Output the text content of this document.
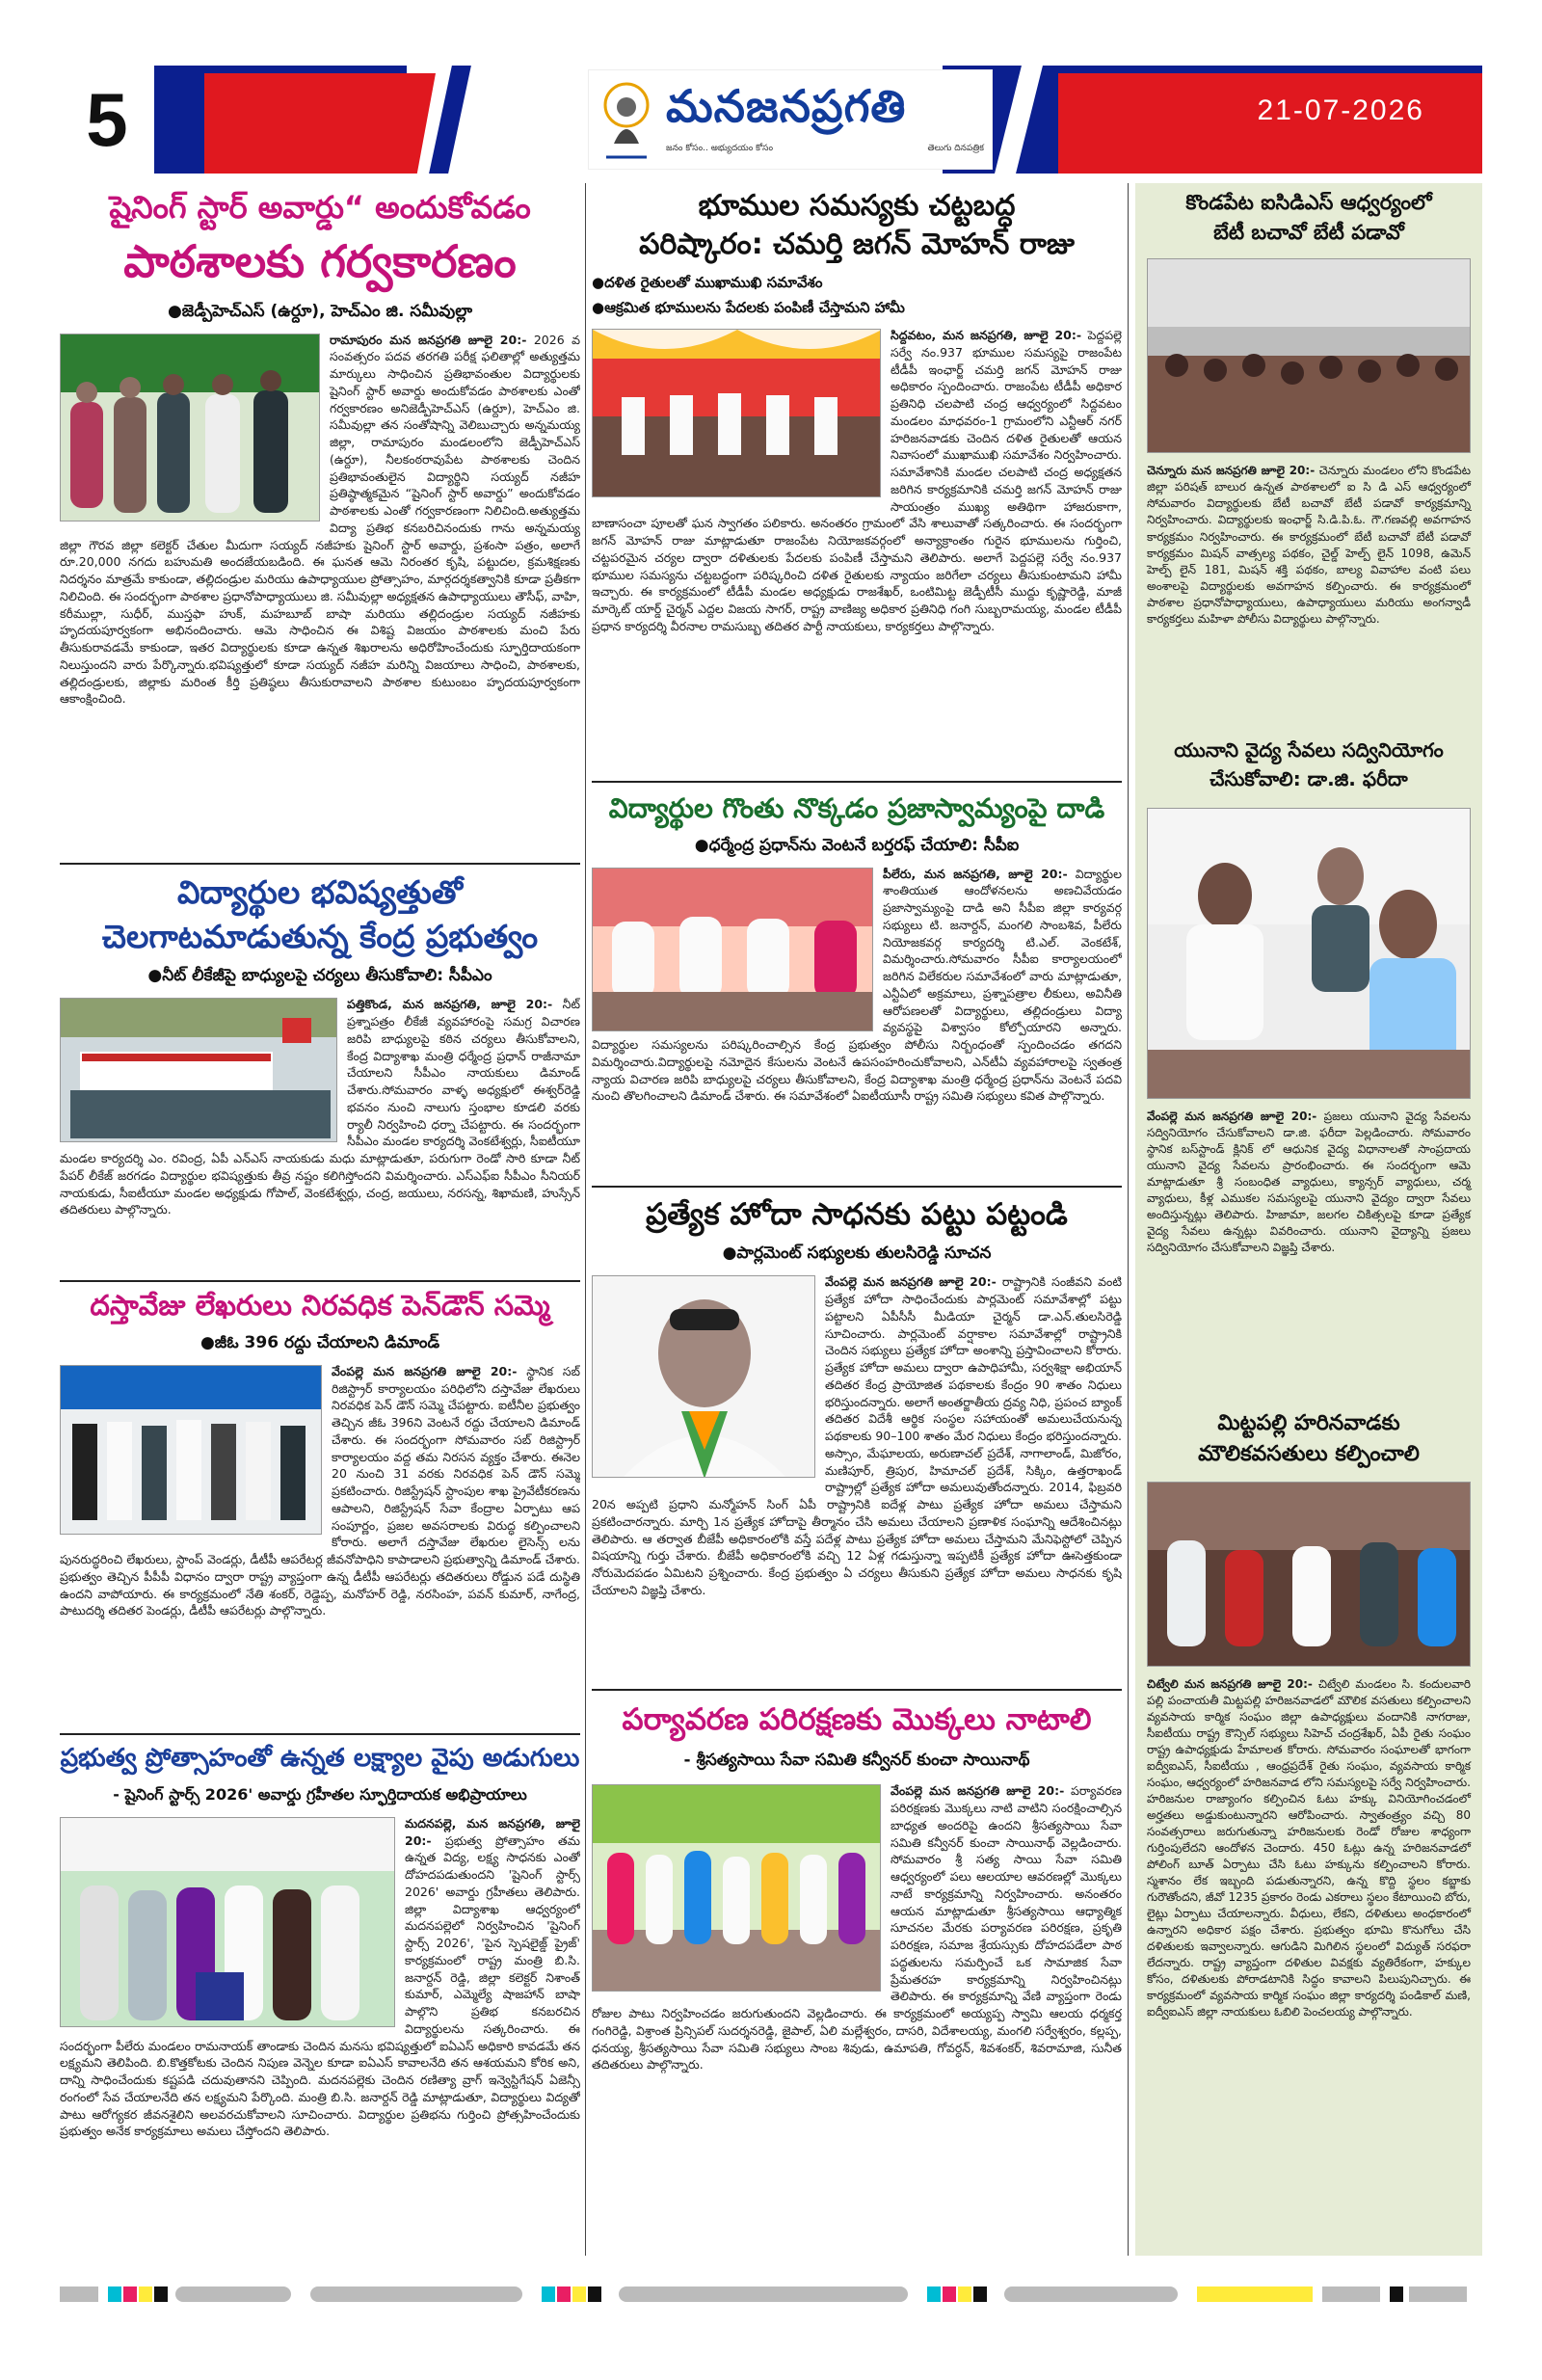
5	మనజనప్రగతి
జనం కోసం.. అభ్యుదయం కోసం	తెలుగు దినపత్రిక
21-07-2026
షైనింగ్ స్టార్ అవార్డు“ అందుకోవడం
పాఠశాలకు గర్వకారణం
●జెడ్పీహెచ్‌ఎస్ (ఉర్దూ), హెచ్‌ఎం జి. సమీవుల్లా
రామాపురం మన జనప్రగతి జూలై 20:- 2026 వ సంవత్సరం పదవ తరగతి పరీక్ష ఫలితాల్లో అత్యుత్తమ మార్కులు సాధించిన ప్రతిభావంతుల విద్యార్థులకు షైనింగ్ స్టార్ అవార్డు అందుకోవడం పాఠశాలకు ఎంతో గర్వకారణం అనిజెడ్పీహెచ్‌ఎస్ (ఉర్దూ), హెచ్‌ఎం జి. సమీవుల్లా తన సంతోషాన్ని వెలిబుచ్చారు అన్నమయ్య జిల్లా, రామాపురం మండలంలోని జెడ్పీహెచ్‌ఎస్ (ఉర్దూ), నీలకంఠరావుపేట పాఠశాలకు చెందిన ప్రతిభావంతులైన విద్యార్థిని సయ్యద్ నజీహ ప్రతిష్ఠాత్మకమైన “షైనింగ్ స్టార్ అవార్డు” అందుకోవడం పాఠశాలకు ఎంతో గర్వకారణంగా నిలిచింది.అత్యుత్తమ విద్యా ప్రతిభ కనబరిచినందుకు గాను అన్నమయ్య జిల్లా గౌరవ జిల్లా కలెక్టర్ చేతుల మీదుగా సయ్యద్ నజీహకు షైనింగ్ స్టార్ అవార్డు, ప్రశంసా పత్రం, అలాగే రూ.20,000 నగదు బహుమతి అందజేయబడింది. ఈ ఘనత ఆమె నిరంతర కృషి, పట్టుదల, క్రమశిక్షణకు నిదర్శనం మాత్రమే కాకుండా, తల్లిదండ్రుల మరియు ఉపాధ్యాయుల ప్రోత్సాహం, మార్గదర్శకత్వానికి కూడా ప్రతీకగా నిలిచింది. ఈ సందర్భంగా పాఠశాల ప్రధానోపాధ్యాయులు జి. సమీవుల్లా అధ్యక్షతన ఉపాధ్యాయులు తౌసీఫ్, వాహి, కరీముల్లా, సుధీర్, ముస్తఫా హుక్, మహబూబ్ బాషా మరియు తల్లిదండ్రుల సయ్యద్ నజీహకు హృదయపూర్వకంగా అభినందించారు. ఆమె సాధించిన ఈ విశిష్ట విజయం పాఠశాలకు మంచి పేరు తీసుకురావడమే కాకుండా, ఇతర విద్యార్థులకు కూడా ఉన్నత శిఖరాలను అధిరోహించేందుకు స్ఫూర్తిదాయకంగా నిలుస్తుందని వారు పేర్కొన్నారు.భవిష్యత్తులో కూడా సయ్యద్ నజీహ మరిన్ని విజయాలు సాధించి, పాఠశాలకు, తల్లిదండ్రులకు, జిల్లాకు మరింత కీర్తి ప్రతిష్ఠలు తీసుకురావాలని పాఠశాల కుటుంబం హృదయపూర్వకంగా ఆకాంక్షించింది.
విద్యార్థుల భవిష్యత్తుతో
చెలగాటమాడుతున్న కేంద్ర ప్రభుత్వం
●నీట్ లీకేజీపై బాధ్యులపై చర్యలు తీసుకోవాలి: సీపీఎం
పత్తికొండ, మన జనప్రగతి, జూలై 20:- నీట్ ప్రశ్నాపత్రం లీకేజీ వ్యవహారంపై సమగ్ర విచారణ జరిపి బాధ్యులపై కఠిన చర్యలు తీసుకోవాలని, కేంద్ర విద్యాశాఖ మంత్రి ధర్మేంద్ర ప్రధాన్ రాజీనామా చేయాలని సీపీఎం నాయకులు డిమాండ్ చేశారు.సోమవారం వాళ్ళ అధ్యక్షులో ఈశ్వర్‌రెడ్డి భవనం నుంచి నాలుగు స్తంభాల కూడలి వరకు ర్యాలీ నిర్వహించి ధర్నా చేపట్టారు. ఈ సందర్భంగా సీపీఎం మండల కార్యదర్శి వెంకటేశ్వర్లు, సీఐటీయూ మండల కార్యదర్శి ఎం. రవింద్ర, ఏపీ ఎన్‌ఎస్ నాయకుడు మధు మాట్లాడుతూ, పరుగుగా రెండో సారి కూడా నీట్ పేపర్ లీకేజ్ జరగడం విద్యార్థుల భవిష్యత్తుకు తీవ్ర నష్టం కలిగిస్తోందని విమర్శించారు. ఎస్‌ఎఫ్‌ఐ సీపీఎం సీనియర్ నాయకుడు, సీఐటీయూ మండల అధ్యక్షుడు గోపాల్, వెంకటేశ్వర్లు, చంద్ర, జయులు, నరసన్న, శిఖామణి, హుస్సేన్ తదితరులు పాల్గొన్నారు.
దస్తావేజు లేఖరులు నిరవధిక పెన్‌డౌన్ సమ్మె
●జీఓ 396 రద్దు చేయాలని డిమాండ్
వేంపల్లె మన జనప్రగతి జూలై 20:- స్థానిక సబ్ రిజిస్ట్రార్ కార్యాలయం పరిధిలోని దస్తావేజు లేఖరులు నిరవధిక పెన్ డౌన్ సమ్మె చేపట్టారు. ఐటీనీల ప్రభుత్వం తెచ్చిన జీఓ 396ని వెంటనే రద్దు చేయాలని డిమాండ్ చేశారు. ఈ సందర్భంగా సోమవారం సబ్ రిజిస్ట్రార్ కార్యాలయం వద్ద తమ నిరసన వ్యక్తం చేశారు. ఈనెల 20 నుంచి 31 వరకు నిరవధిక పెన్ డౌన్ సమ్మె ప్రకటించారు. రిజిస్ట్రేషన్ స్టాంపుల శాఖ ప్రైవేటీకరణను ఆపాలని, రిజిస్ట్రేషన్ సేవా కేంద్రాల ఏర్పాటు ఆప సంపూర్ణం, ప్రజల అవసరాలకు విరుద్ధ కల్పించాలని కోరారు. అలాగే దస్తావేజు లేఖరుల లైసెన్స్ లను పునరుద్ధరించి లేఖరులు, స్టాంప్ వెండర్లు, డీటీపీ ఆపరేటర్ల జీవనోపాధిని కాపాడాలని ప్రభుత్వాన్ని డిమాండ్ చేశారు. ప్రభుత్వం తెచ్చిన పీపీపీ విధానం ద్వారా రాష్ట్ర వ్యాప్తంగా ఉన్న డీటీపీ ఆపరేటర్లు తదితరులు రోడ్డున పడే దుస్థితి ఉందని వాపోయారు. ఈ కార్యక్రమంలో నేతి శంకర్, రెడ్డెప్ప, మనోహర్ రెడ్డి, నరసింహ, పవన్ కుమార్, నాగేంద్ర, పాటుదర్శి తదితర పెండర్లు, డీటీపీ ఆపరేటర్లు పాల్గొన్నారు.
ప్రభుత్వ ప్రోత్సాహంతో ఉన్నత లక్ష్యాల వైపు అడుగులు
- షైనింగ్ స్టార్స్ 2026' అవార్డు గ్రహీతల స్ఫూర్తిదాయక అభిప్రాయాలు
మదనపల్లె, మన జనప్రగతి, జూలై 20:- ప్రభుత్వ ప్రోత్సాహం తమ ఉన్నత విద్య, లక్ష్య సాధనకు ఎంతో దోహదపడుతుందని 'షైనింగ్ స్టార్స్ 2026' అవార్డు గ్రహీతలు తెలిపారు. జిల్లా విద్యాశాఖ ఆధ్వర్యంలో మదనపల్లెలో నిర్వహించిన 'షైనింగ్ స్టార్స్ 2026', 'పైన స్పెషలైజ్డ్ ప్రైజ్' కార్యక్రమంలో రాష్ట్ర మంత్రి బి.సి. జనార్దన్ రెడ్డి, జిల్లా కలెక్టర్ నిశాంత్ కుమార్, ఎమ్మెల్యే షాజహాన్ బాషా పాల్గొని ప్రతిభ కనబరచిన విద్యార్థులను సత్కరించారు. ఈ సందర్భంగా పీలేరు మండలం రామనాయక్ తాండాకు చెందిన మనసు భవిష్యత్తులో ఐఏఎస్ అధికారి కావడమే తన లక్ష్యమని తెలిపింది. బి.కొత్తకోటకు చెందిన నిపుణ వెన్నెల కూడా ఐఏఎస్ కావాలనేది తన ఆశయమని కోరిక అని, దాన్ని సాధించేందుకు కష్టపడి చదువుతానని చెప్పింది. మదనపల్లెకు చెందిన రణిత్యా వ్రాగ్ ఇన్వెస్టిగేషన్ ఏజెన్సీ రంగంలో సేవ చేయాలనేది తన లక్ష్యమని పేర్కొంది. మంత్రి బి.సి. జనార్దన్ రెడ్డి మాట్లాడుతూ, విద్యార్థులు విద్యతో పాటు ఆరోగ్యకర జీవనశైలిని అలవరచుకోవాలని సూచించారు. విద్యార్థుల ప్రతిభను గుర్తించి ప్రోత్సహించేందుకు ప్రభుత్వం అనేక కార్యక్రమాలు అమలు చేస్తోందని తెలిపారు.
భూముల సమస్యకు చట్టబద్ధ
పరిష్కారం: చమర్తి జగన్ మోహన్ రాజు
●దళిత రైతులతో ముఖాముఖి సమావేశం
●ఆక్రమిత భూములను పేదలకు పంపిణీ చేస్తామని హామీ
సిద్దవటం, మన జనప్రగతి, జూలై 20:- పెద్దపల్లె సర్వే నం.937 భూముల సమస్యపై రాజంపేట టీడీపీ ఇంఛార్జ్ చమర్తి జగన్ మోహన్ రాజు అధికారం స్పందించారు. రాజంపేట టీడీపీ అధికార ప్రతినిధి చలపాటి చంద్ర ఆధ్వర్యంలో సిద్దవటం మండలం మాధవరం-1 గ్రామంలోని ఎన్టీఆర్ నగర్ హరిజనవాడకు చెందిన దళిత రైతులతో ఆయన నివాసంలో ముఖాముఖి సమావేశం నిర్వహించారు. సమావేశానికి మండల చలపాటి చంద్ర అధ్యక్షతన జరిగిన కార్యక్రమానికి చమర్తి జగన్ మోహన్ రాజు సాయంత్రం ముఖ్య అతిథిగా హాజరుకాగా, బాణాసంచా పూలతో ఘన స్వాగతం పలికారు. అనంతరం గ్రామంలో వేసి శాలువాతో సత్కరించారు. ఈ సందర్భంగా జగన్ మోహన్ రాజు మాట్లాడుతూ రాజంపేట నియోజకవర్గంలో అన్యాక్రాంతం గురైన భూములను గుర్తించి, చట్టపరమైన చర్యల ద్వారా దళితులకు పేదలకు పంపిణీ చేస్తామని తెలిపారు. అలాగే పెద్దపల్లె సర్వే నం.937 భూముల సమస్యను చట్టబద్ధంగా పరిష్కరించి దళిత రైతులకు న్యాయం జరిగేలా చర్యలు తీసుకుంటామని హామీ ఇచ్చారు. ఈ కార్యక్రమంలో టీడీపీ మండల అధ్యక్షుడు రాజశేఖర్, ఒంటిమిట్ట జెడ్పీటీసీ ముద్దు కృష్ణారెడ్డి, మాజీ మార్కెట్ యార్డ్ చైర్మన్ ఎద్దల విజయ సాగర్, రాష్ట్ర వాణిజ్య అధికార ప్రతినిధి గంగి సుబ్బరామయ్య, మండల టీడీపీ ప్రధాన కార్యదర్శి వీరనాల రామసుబ్బ తదితర పార్టీ నాయకులు, కార్యకర్తలు పాల్గొన్నారు.
విద్యార్థుల గొంతు నొక్కడం ప్రజాస్వామ్యంపై దాడి
●ధర్మేంద్ర ప్రధాన్‌ను వెంటనే బర్తరఫ్ చేయాలి: సీపీఐ
పీలేరు, మన జనప్రగతి, జూలై 20:- విద్యార్థుల శాంతియుత ఆందోళనలను అణచివేయడం ప్రజాస్వామ్యంపై దాడి అని సీపీఐ జిల్లా కార్యవర్గ సభ్యులు టి. జనార్దన్, మంగలి సాంబశివ, పీలేరు నియోజకవర్గ కార్యదర్శి టి.ఎల్. వెంకటేశ్, విమర్శించారు.సోమవారం సీపీఐ కార్యాలయంలో జరిగిన విలేకరుల సమావేశంలో వారు మాట్లాడుతూ, ఎన్టీఏలో అక్రమాలు, ప్రశ్నాపత్రాల లీకులు, అవినీతి ఆరోపణలతో విద్యార్థులు, తల్లిదండ్రులు విద్యా వ్యవస్థపై విశ్వాసం కోల్పోయారని అన్నారు. విద్యార్థుల సమస్యలను పరిష్కరించాల్సిన కేంద్ర ప్రభుత్వం పోలీసు నిర్బంధంతో స్పందించడం తగదని విమర్శించారు.విద్యార్థులపై నమోదైన కేసులను వెంటనే ఉపసంహరించుకోవాలని, ఎన్‌టీఏ వ్యవహారాలపై స్వతంత్ర న్యాయ విచారణ జరిపి బాధ్యులపై చర్యలు తీసుకోవాలని, కేంద్ర విద్యాశాఖ మంత్రి ధర్మేంద్ర ప్రధాన్‌ను వెంటనే పదవి నుంచి తొలగించాలని డిమాండ్ చేశారు. ఈ సమావేశంలో ఏఐటీయూసీ రాష్ట్ర సమితి సభ్యులు కవిత పాల్గొన్నారు.
ప్రత్యేక హోదా సాధనకు పట్టు పట్టండి
●పార్లమెంట్ సభ్యులకు తులసిరెడ్డి సూచన
వేంపల్లె మన జనప్రగతి జూలై 20:- రాష్ట్రానికి సంజీవని వంటి ప్రత్యేక హోదా సాధించేందుకు పార్లమెంట్ సమావేశాల్లో పట్టు పట్టాలని ఏపీసీసీ మీడియా చైర్మన్ డా.ఎన్.తులసిరెడ్డి సూచించారు. పార్లమెంట్ వర్షాకాల సమావేశాల్లో రాష్ట్రానికి చెందిన సభ్యులు ప్రత్యేక హోదా అంశాన్ని ప్రస్తావించాలని కోరారు. ప్రత్యేక హోదా అమలు ద్వారా ఉపాధిహామీ, సర్వశిక్షా అభియాన్ తదితర కేంద్ర ప్రాయోజిత పథకాలకు కేంద్రం 90 శాతం నిధులు భరిస్తుందన్నారు. అలాగే అంతర్జాతీయ ద్రవ్య నిధి, ప్రపంచ బ్యాంక్ తదితర విదేశీ ఆర్థిక సంస్థల సహాయంతో అమలుచేయనున్న పథకాలకు 90–100 శాతం మేర నిధులు కేంద్రం భరిస్తుందన్నారు. అస్సాం, మేఘాలయ, అరుణాచల్ ప్రదేశ్, నాగాలాండ్, మిజోరం, మణిపూర్, త్రిపుర, హిమాచల్ ప్రదేశ్, సిక్కిం, ఉత్తరాఖండ్ రాష్ట్రాల్లో ప్రత్యేక హోదా అమలువుతోందన్నారు. 2014, ఫిబ్రవరి 20న అప్పటి ప్రధాని మన్మోహన్ సింగ్ ఏపీ రాష్ట్రానికి ఐదేళ్ల పాటు ప్రత్యేక హోదా అమలు చేస్తామని ప్రకటించారన్నారు. మార్చి 1న ప్రత్యేక హోదాపై తీర్మానం చేసి అమలు చేయాలని ప్రణాళిక సంఘాన్ని ఆదేశించినట్లు తెలిపారు. ఆ తర్వాత బీజేపీ అధికారంలోకి వస్తే పదేళ్ల పాటు ప్రత్యేక హోదా అమలు చేస్తామని మేనిఫెస్టోలో చెప్పిన విషయాన్ని గుర్తు చేశారు. బీజేపీ అధికారంలోకి వచ్చి 12 ఏళ్ల గడుస్తున్నా ఇప్పటికీ ప్రత్యేక హోదా ఊసెత్తకుండా నోరుమెదపడం ఏమిటని ప్రశ్నించారు. కేంద్ర ప్రభుత్వం ఏ చర్యలు తీసుకుని ప్రత్యేక హోదా అమలు సాధనకు కృషి చేయాలని విజ్ఞప్తి చేశారు.
పర్యావరణ పరిరక్షణకు మొక్కలు నాటాలి
- శ్రీసత్యసాయి సేవా సమితి కన్వీనర్ కుంచా సాయినాథ్
వేంపల్లె మన జనప్రగతి జూలై 20:- పర్యావరణ పరిరక్షణకు మొక్కలు నాటి వాటిని సంరక్షించాల్సిన బాధ్యత అందరిపై ఉందని శ్రీసత్యసాయి సేవా సమితి కన్వీనర్ కుంచా సాయినాథ్ వెల్లడించారు. సోమవారం శ్రీ సత్య సాయి సేవా సమితి ఆధ్వర్యంలో పలు ఆలయాల ఆవరణల్లో మొక్కలు నాటే కార్యక్రమాన్ని నిర్వహించారు. అనంతరం ఆయన మాట్లాడుతూ శ్రీసత్యసాయి ఆధ్యాత్మిక సూచనల మేరకు పర్యావరణ పరిరక్షణ, ప్రకృతి పరిరక్షణ, సమాజ శ్రేయస్సుకు దోహదపడేలా పాఠ పద్ధతులను సమర్పించే ఒక సామాజిక సేవా ప్రేమతరహ కార్యక్రమాన్ని నిర్వహించినట్లు తెలిపారు. ఈ కార్యక్రమాన్ని వేణి వ్యాప్తంగా రెండు రోజుల పాటు నిర్వహించడం జరుగుతుందని వెల్లడించారు. ఈ కార్యక్రమంలో అయ్యప్ప స్వామి ఆలయ ధర్మకర్త గంగిరెడ్డి, విశ్రాంత ప్రిన్సిపల్ సుదర్శనరెడ్డి, జైపాల్, ఏలి మల్లేశ్వరం, దాసరి, విదేశాలయ్య, మంగలి సర్వేశ్వరం, కల్లప్ప, ధనయ్య, శ్రీసత్యసాయి సేవా సమితి సభ్యులు సాంబ శివుడు, ఉమాపతి, గోవర్ధన్, శివశంకర్, శివరామాజి, సునీత తదితరులు పాల్గొన్నారు.
కొండపేట ఐసిడిఎస్ ఆధ్వర్యంలో
బేటీ బచావో బేటీ పడావో
చెన్నూరు మన జనప్రగతి జూలై 20:- చెన్నూరు మండలం లోని కొండపేట జిల్లా పరిషత్ బాలుర ఉన్నత పాఠశాలలో ఐ సి డి ఎస్ ఆధ్వర్యంలో సోమవారం విద్యార్థులకు బేటీ బచావో బేటీ పడావో కార్యక్రమాన్ని నిర్వహించారు. విద్యార్థులకు ఇంఛార్జ్ సి.డి.పి.ఓ. గౌ.గణవల్లి అవగాహన కార్యక్రమం నిర్వహించారు. ఈ కార్యక్రమంలో బేటీ బచావో బేటీ పడావో కార్యక్రమం మిషన్ వాత్సల్య పథకం, చైల్డ్ హెల్ప్ లైన్ 1098, ఉమెన్ హెల్ప్ లైన్ 181, మిషన్ శక్తి పథకం, బాల్య వివాహాల వంటి పలు అంశాలపై విద్యార్థులకు అవగాహన కల్పించారు. ఈ కార్యక్రమంలో పాఠశాల ప్రధానోపాధ్యాయులు, ఉపాధ్యాయులు మరియు అంగన్వాడీ కార్యకర్తలు మహిళా పోలీసు విద్యార్థులు పాల్గొన్నారు.
యునాని వైద్య సేవలు సద్వినియోగం
చేసుకోవాలి: డా.జి. ఫరీదా
వేంపల్లె మన జనప్రగతి జూలై 20:- ప్రజలు యునాని వైద్య సేవలను సద్వినియోగం చేసుకోవాలని డా.జి. ఫరీదా పెల్లడించారు. సోమవారం స్థానిక బస్‌స్టాండ్ క్లినిక్ లో ఆధునిక వైద్య విధానాలతో సాంప్రదాయ యునాని వైద్య సేవలను ప్రారంభించారు. ఈ సందర్భంగా ఆమె మాట్లాడుతూ శ్రీ సంబంధిత వ్యాధులు, క్యాన్సర్ వ్యాధులు, చర్మ వ్యాధులు, కీళ్ల ఎముకల సమస్యలపై యునాని వైద్యం ద్వారా సేవలు అందిస్తున్నట్లు తెలిపారు. హిజామా, జలగల చికిత్సలపై కూడా ప్రత్యేక వైద్య సేవలు ఉన్నట్లు వివరించారు. యునాని వైద్యాన్ని ప్రజలు సద్వినియోగం చేసుకోవాలని విజ్ఞప్తి చేశారు.
మిట్టపల్లి హరినవాడకు
మౌలికవసతులు కల్పించాలి
చిట్వేలి మన జనప్రగతి జూలై 20:- చిట్వేలి మండలం సి. కందులవారి పల్లి పంచాయతీ మిట్టపల్లి హరిజనవాడలో మౌలిక వసతులు కల్పించాలని వ్యవసాయ కార్మిక సంఘం జిల్లా ఉపాధ్యక్షులు వందానికి నాగరాజు, సీఐటీయు రాష్ట్ర కౌన్సిల్ సభ్యులు సిహెచ్ చంద్రశేఖర్, ఏపీ రైతు సంఘం రాష్ట్ర ఉపాధ్యక్షుడు హేమాలత కోరారు. సోమవారం సంఘాలతో భాగంగా ఐద్వీఐఎస్, సీఐటీయు , ఆంధ్రప్రదేశ్ రైతు సంఘం, వ్యవసాయ కార్మిక సంఘం, ఆధ్వర్యంలో హరిజనవాడ లోని సమస్యలపై సర్వే నిర్వహించారు. హరిజనుల రాజ్యాంగం కల్పించిన ఓటు హక్కు వినియోగించడంలో అర్హతలు అడ్డుకుంటున్నారని ఆరోపించారు. స్వాతంత్ర్యం వచ్చి 80 సంవత్సరాలు జరుగుతున్నా హరిజనులకు రెండో రోజుల శాధ్యంగా గుర్తింపులేదని ఆందోళన చెందారు. 450 ఓట్లు ఉన్న హరిజనవాడలో పోలింగ్ బూత్ ఏర్పాటు చేసి ఓటు హక్కును కల్పించాలని కోరారు. స్మశానం లేక ఇబ్బంది పడుతున్నారని, ఉన్న కొద్ది స్థలం కబ్జాకు గురౌతోందని, జీవో 1235 ప్రకారం రెండు ఎకరాలు స్థలం కేటాయించి బోరు, లైట్లు ఏర్పాటు చేయాలన్నారు. వీధులు, లేకని, దళితులు అంధకారంలో ఉన్నారని అధికార పక్షం చేశారు. ప్రభుత్వం భూమి కొనుగోలు చేసి దళితులకు ఇవ్వాలన్నారు. ఆగుడిని మిగిలిన స్థలంలో విద్యుత్ సరఫరా లేదన్నారు. రాష్ట్ర వ్యాప్తంగా దళితుల వివక్షకు వ్యతిరేకంగా, హక్కుల కోసం, దళితులకు పోరాడటానికి సిద్ధం కావాలని పిలుపునిచ్చారు. ఈ కార్యక్రమంలో వ్యవసాయ కార్మిక సంఘం జిల్లా కార్యదర్శి పండికాల్ మణి, ఐద్వీఐఎస్ జిల్లా నాయకులు ఓబిలి పెంచలయ్య పాల్గొన్నారు.
